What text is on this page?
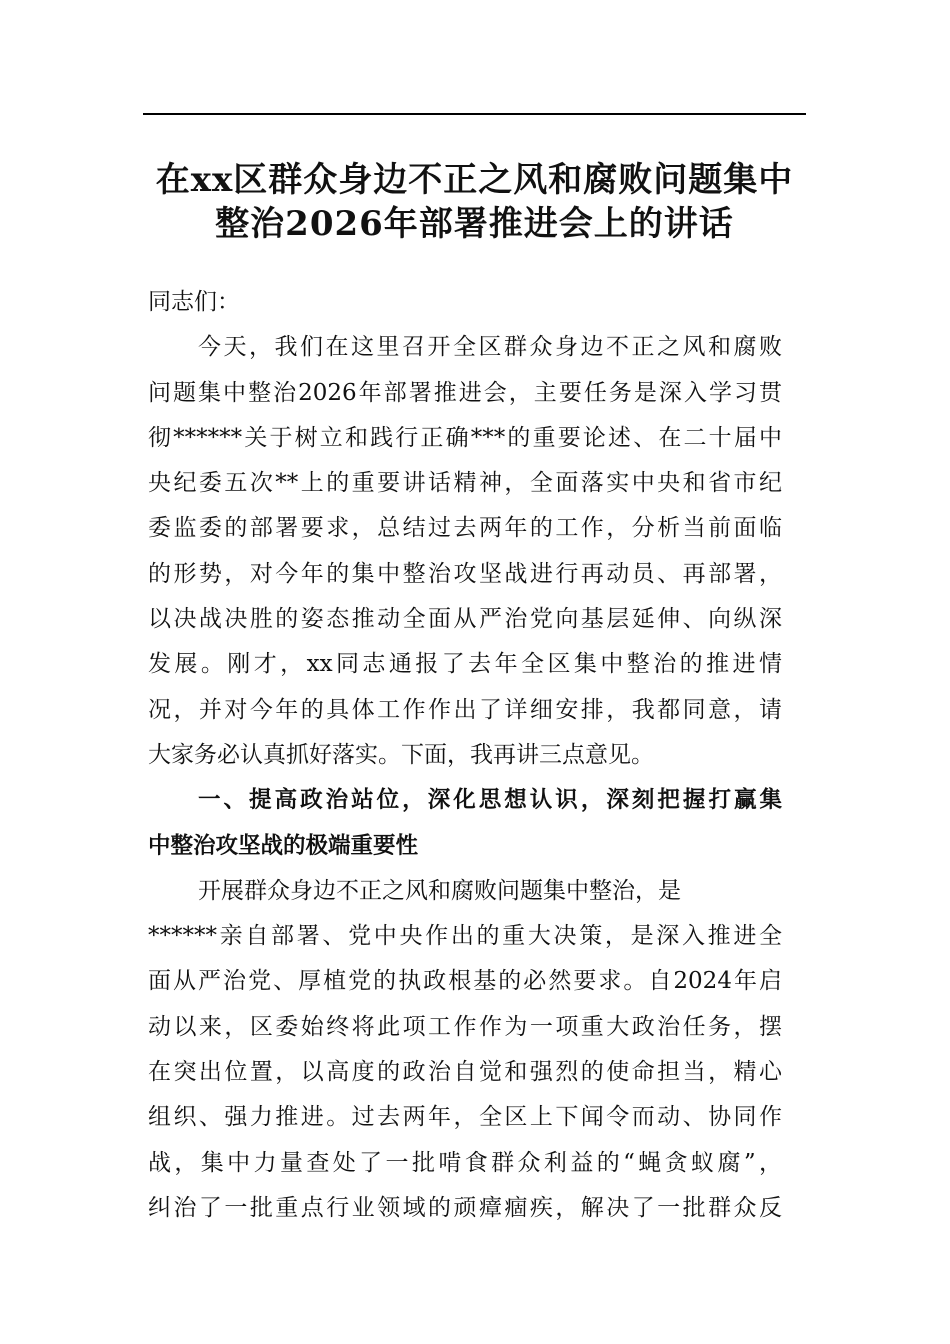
在xx区群众身边不正之风和腐败问题集中
整治2026年部署推进会上的讲话
同志们：
今天，我们在这里召开全区群众身边不正之风和腐败
问题集中整治2026年部署推进会，主要任务是深入学习贯
彻******关于树立和践行正确***的重要论述、在二十届中
央纪委五次**上的重要讲话精神，全面落实中央和省市纪
委监委的部署要求，总结过去两年的工作，分析当前面临
的形势，对今年的集中整治攻坚战进行再动员、再部署，
以决战决胜的姿态推动全面从严治党向基层延伸、向纵深
发展。刚才，xx同志通报了去年全区集中整治的推进情
况，并对今年的具体工作作出了详细安排，我都同意，请
大家务必认真抓好落实。下面，我再讲三点意见。
一、提高政治站位，深化思想认识，深刻把握打赢集
中整治攻坚战的极端重要性
开展群众身边不正之风和腐败问题集中整治，是
******亲自部署、党中央作出的重大决策，是深入推进全
面从严治党、厚植党的执政根基的必然要求。自2024年启
动以来，区委始终将此项工作作为一项重大政治任务，摆
在突出位置，以高度的政治自觉和强烈的使命担当，精心
组织、强力推进。过去两年，全区上下闻令而动、协同作
战，集中力量查处了一批啃食群众利益的“蝇贪蚁腐”，
纠治了一批重点行业领域的顽瘴痼疾，解决了一批群众反
